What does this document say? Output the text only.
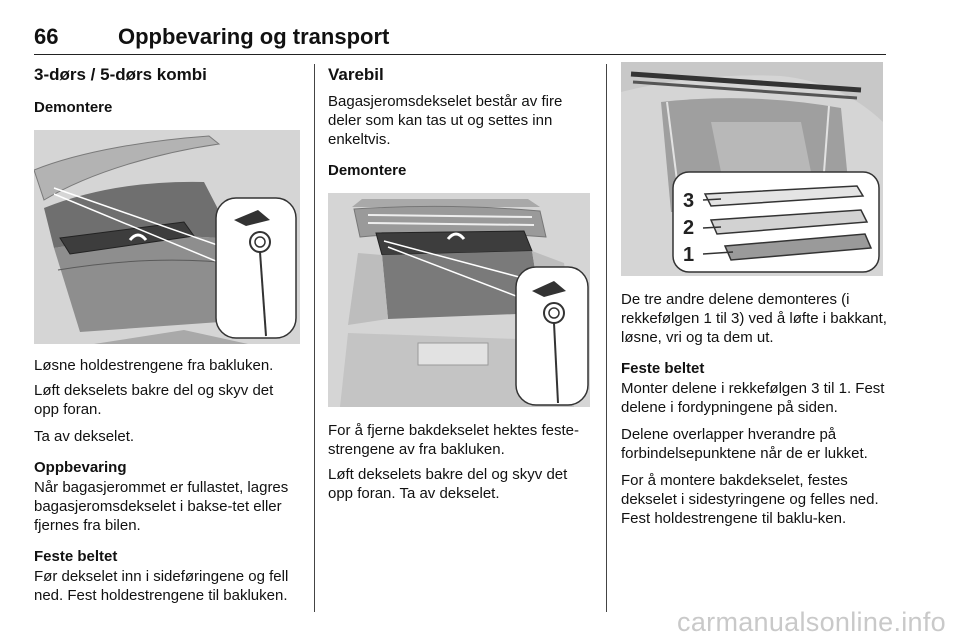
66	Oppbevaring og transport
3-dørs / 5-dørs kombi
Demontere

Løsne holdestrengene fra bakluken.

Løft dekselets bakre del og skyv det opp foran.

Ta av dekselet.

Oppbevaring

Når bagasjerommet er fullastet, lagres bagasjeromsdekselet i bakse-tet eller fjernes fra bilen.

Feste beltet

Før dekselet inn i sideføringene og fell ned. Fest holdestrengene til bakluken.

Varebil

Bagasjeromsdekselet består av fire deler som kan tas ut og settes inn enkeltvis.

Demontere

For å fjerne bakdekselet hektes feste-strengene av fra bakluken.

Løft dekselets bakre del og skyv det opp foran. Ta av dekselet.

3
2
1

De tre andre delene demonteres (i rekkefølgen 1 til 3) ved å løfte i bakkant, løsne, vri og ta dem ut.

Feste beltet

Monter delene i rekkefølgen 3 til 1. Fest delene i fordypningene på siden.

Delene overlapper hverandre på forbindelsepunktene når de er lukket.

For å montere bakdekselet, festes dekselet i sidestyringene og felles ned. Fest holdestrengene til baklu-ken.

carmanualsonline.info
